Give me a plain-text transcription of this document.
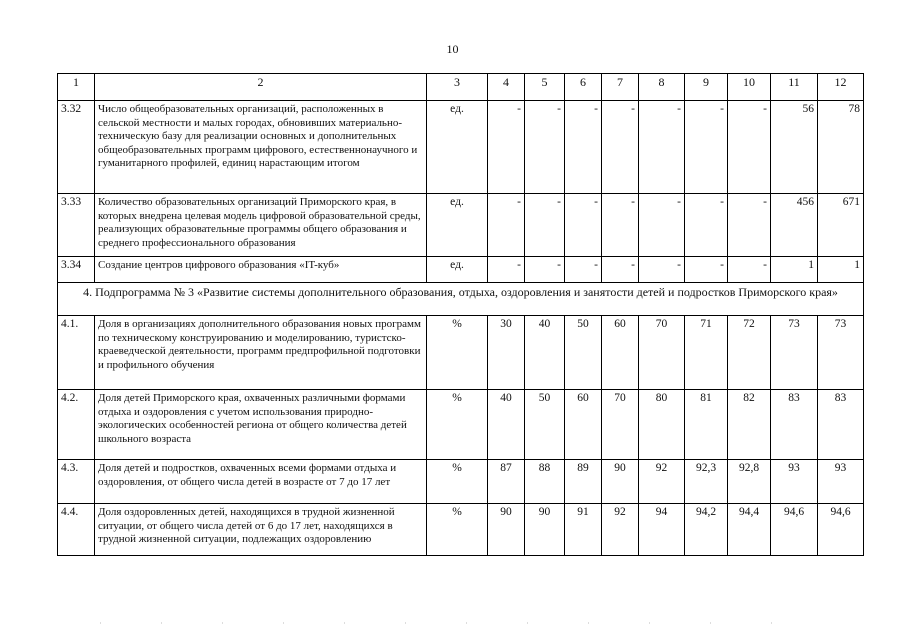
10
1	2	3	4	5	6	7	8	9	10	11	12
3.32	Число общеобразовательных организаций, расположенных в сельской местности и малых городах, обновивших материально-техническую базу для реализации основных и дополнительных общеобразовательных программ цифрового, естественнонаучного и гуманитарного профилей, единиц нарастающим итогом	ед.	-	-	-	-	-	-	-	56	78
3.33	Количество образовательных организаций Приморского края, в которых внедрена целевая модель цифровой образовательной среды, реализующих образовательные программы общего образования и среднего профессионального образования	ед.	-	-	-	-	-	-	-	456	671
3.34	Создание центров цифрового образования «IT-куб»	ед.	-	-	-	-	-	-	-	1	1
4. Подпрограмма № 3 «Развитие системы дополнительного образования, отдыха, оздоровления и занятости детей и подростков Приморского края»											
4.1.	Доля в организациях дополнительного образования новых программ по техническому конструированию и моделированию, туристско-краеведческой деятельности, программ предпрофильной подготовки и профильного обучения	%	30	40	50	60	70	71	72	73	73
4.2.	Доля детей Приморского края, охваченных различными формами отдыха и оздоровления с учетом использования природно-экологических особенностей региона от общего количества детей школьного возраста	%	40	50	60	70	80	81	82	83	83
4.3.	Доля детей и подростков, охваченных всеми формами отдыха и оздоровления, от общего числа детей в возрасте от 7 до 17 лет	%	87	88	89	90	92	92,3	92,8	93	93
4.4.	Доля оздоровленных детей, находящихся в трудной жизненной ситуации, от общего числа детей от 6 до 17 лет, находящихся в трудной жизненной ситуации, подлежащих оздоровлению	%	90	90	91	92	94	94,2	94,4	94,6	94,6
